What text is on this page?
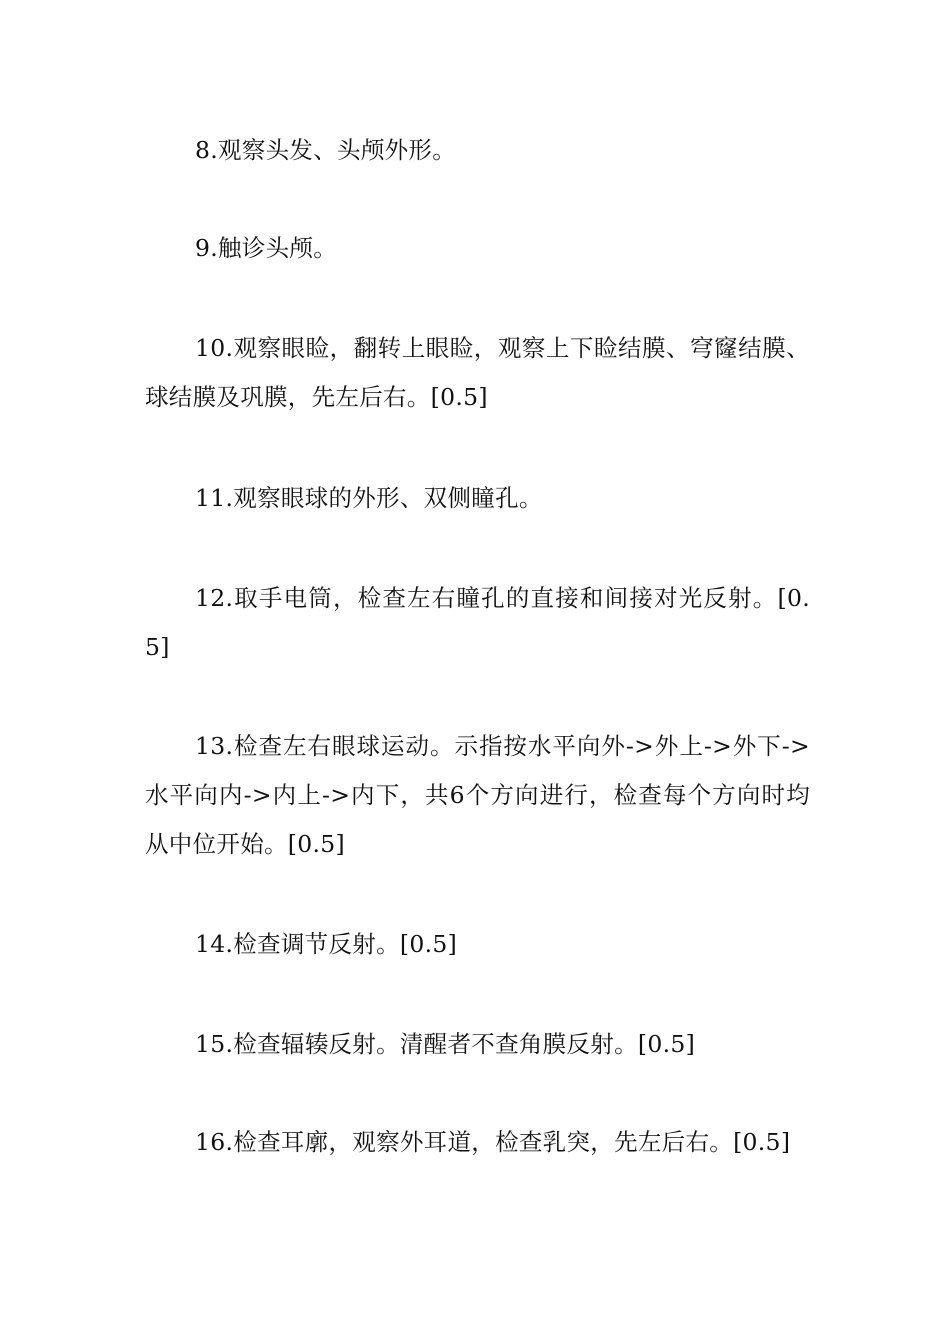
8.观察头发、头颅外形。

9.触诊头颅。

10.观察眼睑，翻转上眼睑，观察上下睑结膜、穹窿结膜、球结膜及巩膜，先左后右。[0.5]

11.观察眼球的外形、双侧瞳孔。

12.取手电筒，检查左右瞳孔的直接和间接对光反射。[0.5]

13.检查左右眼球运动。示指按水平向外->外上->外下->水平向内->内上->内下，共6个方向进行，检查每个方向时均从中位开始。[0.5]

14.检查调节反射。[0.5]

15.检查辐辏反射。清醒者不查角膜反射。[0.5]

16.检查耳廓，观察外耳道，检查乳突，先左后右。[0.5]
